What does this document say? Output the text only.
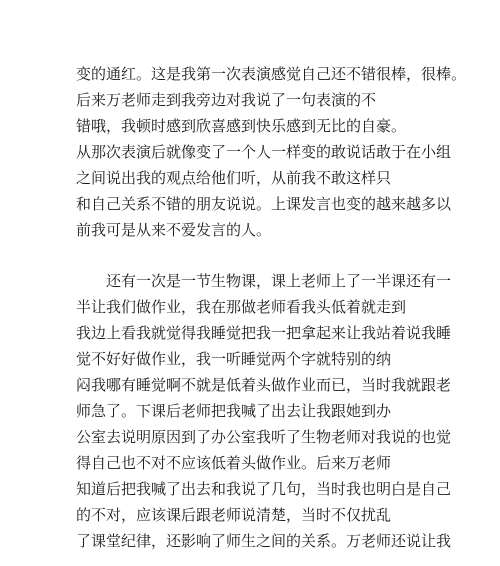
变的通红。这是我第一次表演感觉自己还不错很棒，很棒。
后来万老师走到我旁边对我说了一句表演的不
错哦，我顿时感到欣喜感到快乐感到无比的自豪。
从那次表演后就像变了一个人一样变的敢说话敢于在小组
之间说出我的观点给他们听，从前我不敢这样只
和自己关系不错的朋友说说。上课发言也变的越来越多以
前我可是从来不爱发言的人。
还有一次是一节生物课，课上老师上了一半课还有一
半让我们做作业，我在那做老师看我头低着就走到
我边上看我就觉得我睡觉把我一把拿起来让我站着说我睡
觉不好好做作业，我一听睡觉两个字就特别的纳
闷我哪有睡觉啊不就是低着头做作业而已，当时我就跟老
师急了。下课后老师把我喊了出去让我跟她到办
公室去说明原因到了办公室我听了生物老师对我说的也觉
得自己也不对不应该低着头做作业。后来万老师
知道后把我喊了出去和我说了几句，当时我也明白是自己
的不对，应该课后跟老师说清楚，当时不仅扰乱
了课堂纪律，还影响了师生之间的关系。万老师还说让我
